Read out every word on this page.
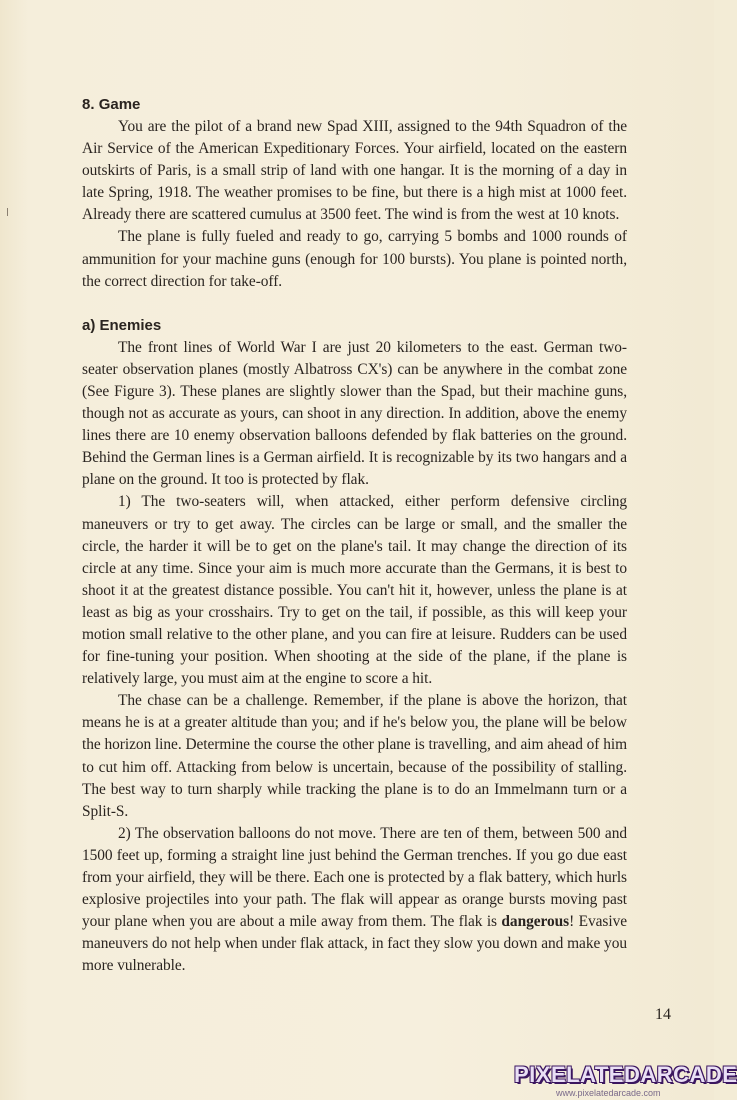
8. Game

You are the pilot of a brand new Spad XIII, assigned to the 94th Squadron of the Air Service of the American Expeditionary Forces. Your airfield, located on the eastern outskirts of Paris, is a small strip of land with one hangar. It is the morning of a day in late Spring, 1918. The weather promises to be fine, but there is a high mist at 1000 feet. Already there are scattered cumulus at 3500 feet. The wind is from the west at 10 knots.

The plane is fully fueled and ready to go, carrying 5 bombs and 1000 rounds of ammunition for your machine guns (enough for 100 bursts). You plane is pointed north, the correct direction for take-off.

a) Enemies

The front lines of World War I are just 20 kilometers to the east. German two-seater observation planes (mostly Albatross CX's) can be anywhere in the combat zone (See Figure 3). These planes are slightly slower than the Spad, but their machine guns, though not as accurate as yours, can shoot in any direction. In addition, above the enemy lines there are 10 enemy observation balloons defended by flak batteries on the ground. Behind the German lines is a German airfield. It is recognizable by its two hangars and a plane on the ground. It too is protected by flak.

1) The two-seaters will, when attacked, either perform defensive circling maneuvers or try to get away. The circles can be large or small, and the smaller the circle, the harder it will be to get on the plane's tail. It may change the direction of its circle at any time. Since your aim is much more accurate than the Germans, it is best to shoot it at the greatest distance possible. You can't hit it, however, unless the plane is at least as big as your crosshairs. Try to get on the tail, if possible, as this will keep your motion small relative to the other plane, and you can fire at leisure. Rudders can be used for fine-tuning your position. When shooting at the side of the plane, if the plane is relatively large, you must aim at the engine to score a hit.

The chase can be a challenge. Remember, if the plane is above the horizon, that means he is at a greater altitude than you; and if he's below you, the plane will be below the horizon line. Determine the course the other plane is travelling, and aim ahead of him to cut him off. Attacking from below is uncertain, because of the possibility of stalling. The best way to turn sharply while tracking the plane is to do an Immelmann turn or a Split-S.

2) The observation balloons do not move. There are ten of them, between 500 and 1500 feet up, forming a straight line just behind the German trenches. If you go due east from your airfield, they will be there. Each one is protected by a flak battery, which hurls explosive projectiles into your path. The flak will appear as orange bursts moving past your plane when you are about a mile away from them. The flak is dangerous! Evasive maneuvers do not help when under flak attack, in fact they slow you down and make you more vulnerable.

14
PIXELATEDARCADE
www.pixelatedarcade.com
